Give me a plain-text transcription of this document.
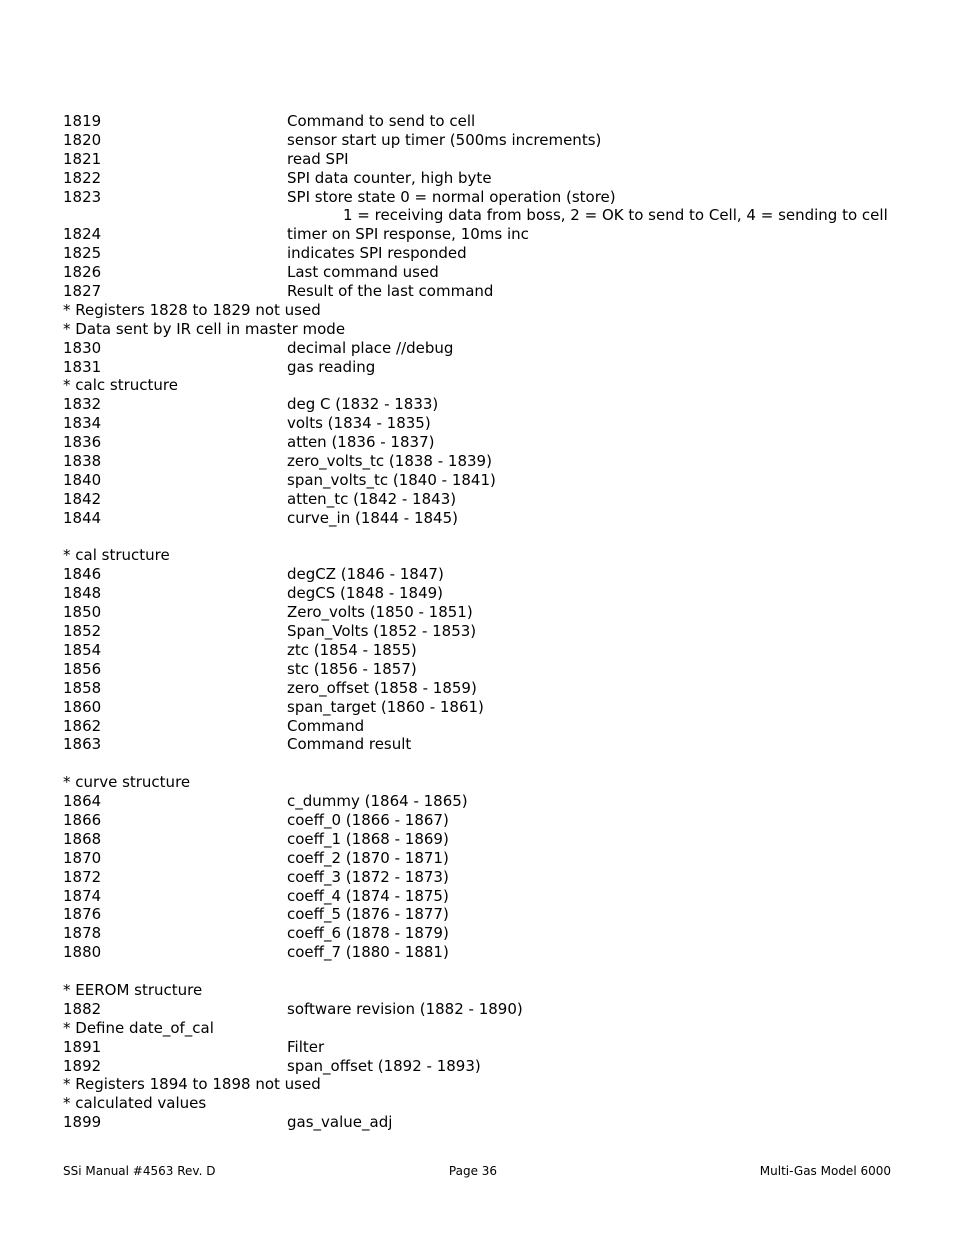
1819	Command to send to cell
1820	sensor start up timer (500ms increments)
1821	read SPI
1822	SPI data counter, high byte
1823	SPI store state 0 = normal operation (store)
1 = receiving data from boss, 2 = OK to send to Cell, 4 = sending to cell
1824	timer on SPI response, 10ms inc
1825	indicates SPI responded
1826	Last command used
1827	Result of the last command
* Registers 1828 to 1829 not used
* Data sent by IR cell in master mode
1830	decimal place //debug
1831	gas reading
* calc structure
1832	deg C (1832 - 1833)
1834	volts (1834 - 1835)
1836	atten (1836 - 1837)
1838	zero_volts_tc (1838 - 1839)
1840	span_volts_tc (1840 - 1841)
1842	atten_tc (1842 - 1843)
1844	curve_in (1844 - 1845)
* cal structure
1846	degCZ (1846 - 1847)
1848	degCS (1848 - 1849)
1850	Zero_volts (1850 - 1851)
1852	Span_Volts (1852 - 1853)
1854	ztc (1854 - 1855)
1856	stc (1856 - 1857)
1858	zero_offset (1858 - 1859)
1860	span_target (1860 - 1861)
1862	Command
1863	Command result
* curve structure
1864	c_dummy (1864 - 1865)
1866	coeff_0 (1866 - 1867)
1868	coeff_1 (1868 - 1869)
1870	coeff_2 (1870 - 1871)
1872	coeff_3 (1872 - 1873)
1874	coeff_4 (1874 - 1875)
1876	coeff_5 (1876 - 1877)
1878	coeff_6 (1878 - 1879)
1880	coeff_7 (1880 - 1881)
* EEROM structure
1882	software revision (1882 - 1890)
* Define date_of_cal
1891	Filter
1892	span_offset (1892 - 1893)
* Registers 1894 to 1898 not used
* calculated values
1899	gas_value_adj
SSi Manual #4563 Rev. D	Page 36	Multi-Gas Model 6000
